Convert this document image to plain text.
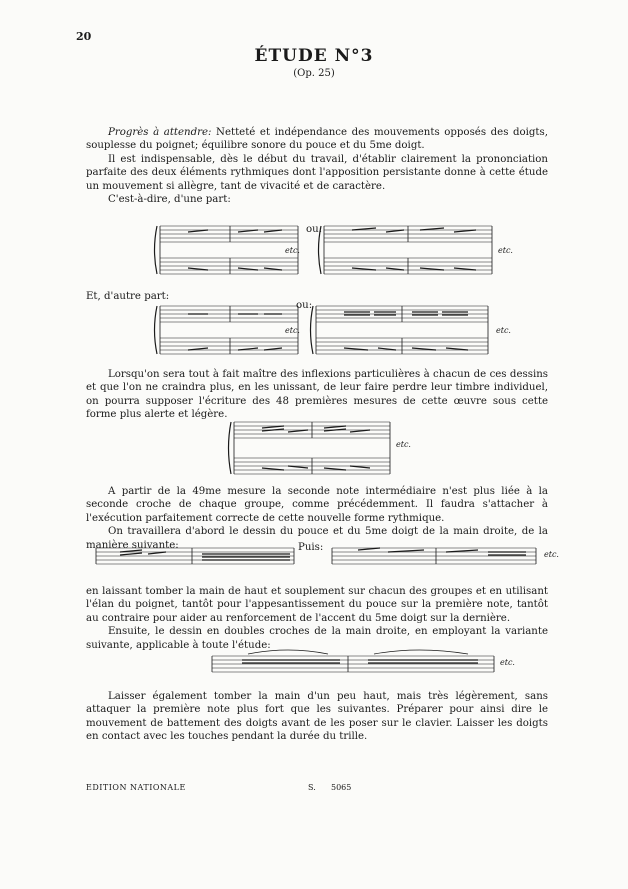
20
ÉTUDE N°3
(Op. 25)

Progrès à attendre: Netteté et indépendance des mouvements opposés des doigts, souplesse du poignet; équilibre sonore du pouce et du 5me doigt.

Il est indispensable, dès le début du travail, d'établir clairement la prononciation parfaite des deux éléments rythmiques dont l'apposition persistante donne à cette étude un mouvement si allègre, tant de vivacité et de caractère.

C'est-à-dire, d'une part:

ou:
etc.	etc.
Et, d'autre part:
ou:
etc.	etc.

Lorsqu'on sera tout à fait maître des inflexions particulières à chacun de ces dessins et que l'on ne craindra plus, en les unissant, de leur faire perdre leur timbre individuel, on pourra supposer l'écriture des 48 premières mesures de cette œuvre sous cette forme plus alerte et légère.

etc.

A partir de la 49me mesure la seconde note intermédiaire n'est plus liée à la seconde croche de chaque groupe, comme précédemment. Il faudra s'attacher à l'exécution parfaitement correcte de cette nouvelle forme rythmique.

On travaillera d'abord le dessin du pouce et du 5me doigt de la main droite, de la manière suivante:	Puis:
etc.

en laissant tomber la main de haut et souplement sur chacun des groupes et en utilisant l'élan du poignet, tantôt pour l'appesantissement du pouce sur la première note, tantôt au contraire pour aider au renforcement de l'accent du 5me doigt sur la dernière.

Ensuite, le dessin en doubles croches de la main droite, en employant la variante suivante, applicable à toute l'étude:

etc.

Laisser également tomber la main d'un peu haut, mais très légèrement, sans attaquer la première note plus fort que les suivantes. Préparer pour ainsi dire le mouvement de battement des doigts avant de les poser sur le clavier. Laisser les doigts en contact avec les touches pendant la durée du trille.

EDITION NATIONALE	S.      5065
